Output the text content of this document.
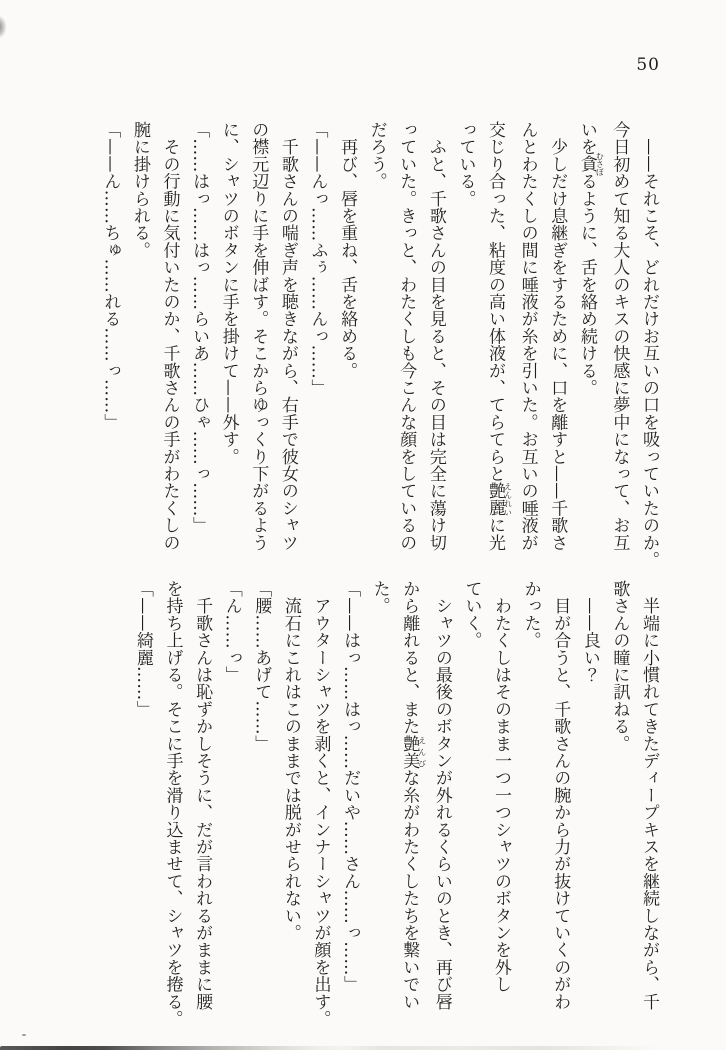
50

　——それこそ、どれだけお互いの口を吸っていたのか。

今日初めて知る大人のキスの快感に夢中になって、お互

いを貪むさぼるように、舌を絡め続ける。

　少しだけ息継ぎをするために、口を離すと——千歌さ

んとわたくしの間に唾液が糸を引いた。お互いの唾液が

交じり合った、粘度の高い体液が、てらてらと艶麗えんれいに光

っている。

　ふと、千歌さんの目を見ると、その目は完全に蕩け切

っていた。きっと、わたくしも今こんな顔をしているの

だろう。

　再び、唇を重ね、舌を絡める。

「——んっ……ふぅ……んっ……」

　千歌さんの喘ぎ声を聴きながら、右手で彼女のシャツ

の襟元辺りに手を伸ばす。そこからゆっくり下がるよう

に、シャツのボタンに手を掛けて——外す。

「……はっ……はっ……らいあ……ひゃ……っ……」

　その行動に気付いたのか、千歌さんの手がわたくしの

腕に掛けられる。

「——ん……ちゅ……れる……っ……」

　半端に小慣れてきたディープキスを継続しながら、千

歌さんの瞳に訊ねる。

　——良い？

　目が合うと、千歌さんの腕から力が抜けていくのがわ

かった。

　わたくしはそのまま一つ一つシャツのボタンを外し

ていく。

　シャツの最後のボタンが外れるくらいのとき、再び唇

から離れると、また艶美えんびな糸がわたくしたちを繋いでい

た。

「——はっ……はっ……だいや……さん……っ……」

　アウターシャツを剥くと、インナーシャツが顔を出す。

　流石にこれはこのままでは脱がせられない。

「腰……あげて……」

「ん……っ」

　千歌さんは恥ずかしそうに、だが言われるがままに腰

を持ち上げる。そこに手を滑り込ませて、シャツを捲る。

「——綺麗……」
